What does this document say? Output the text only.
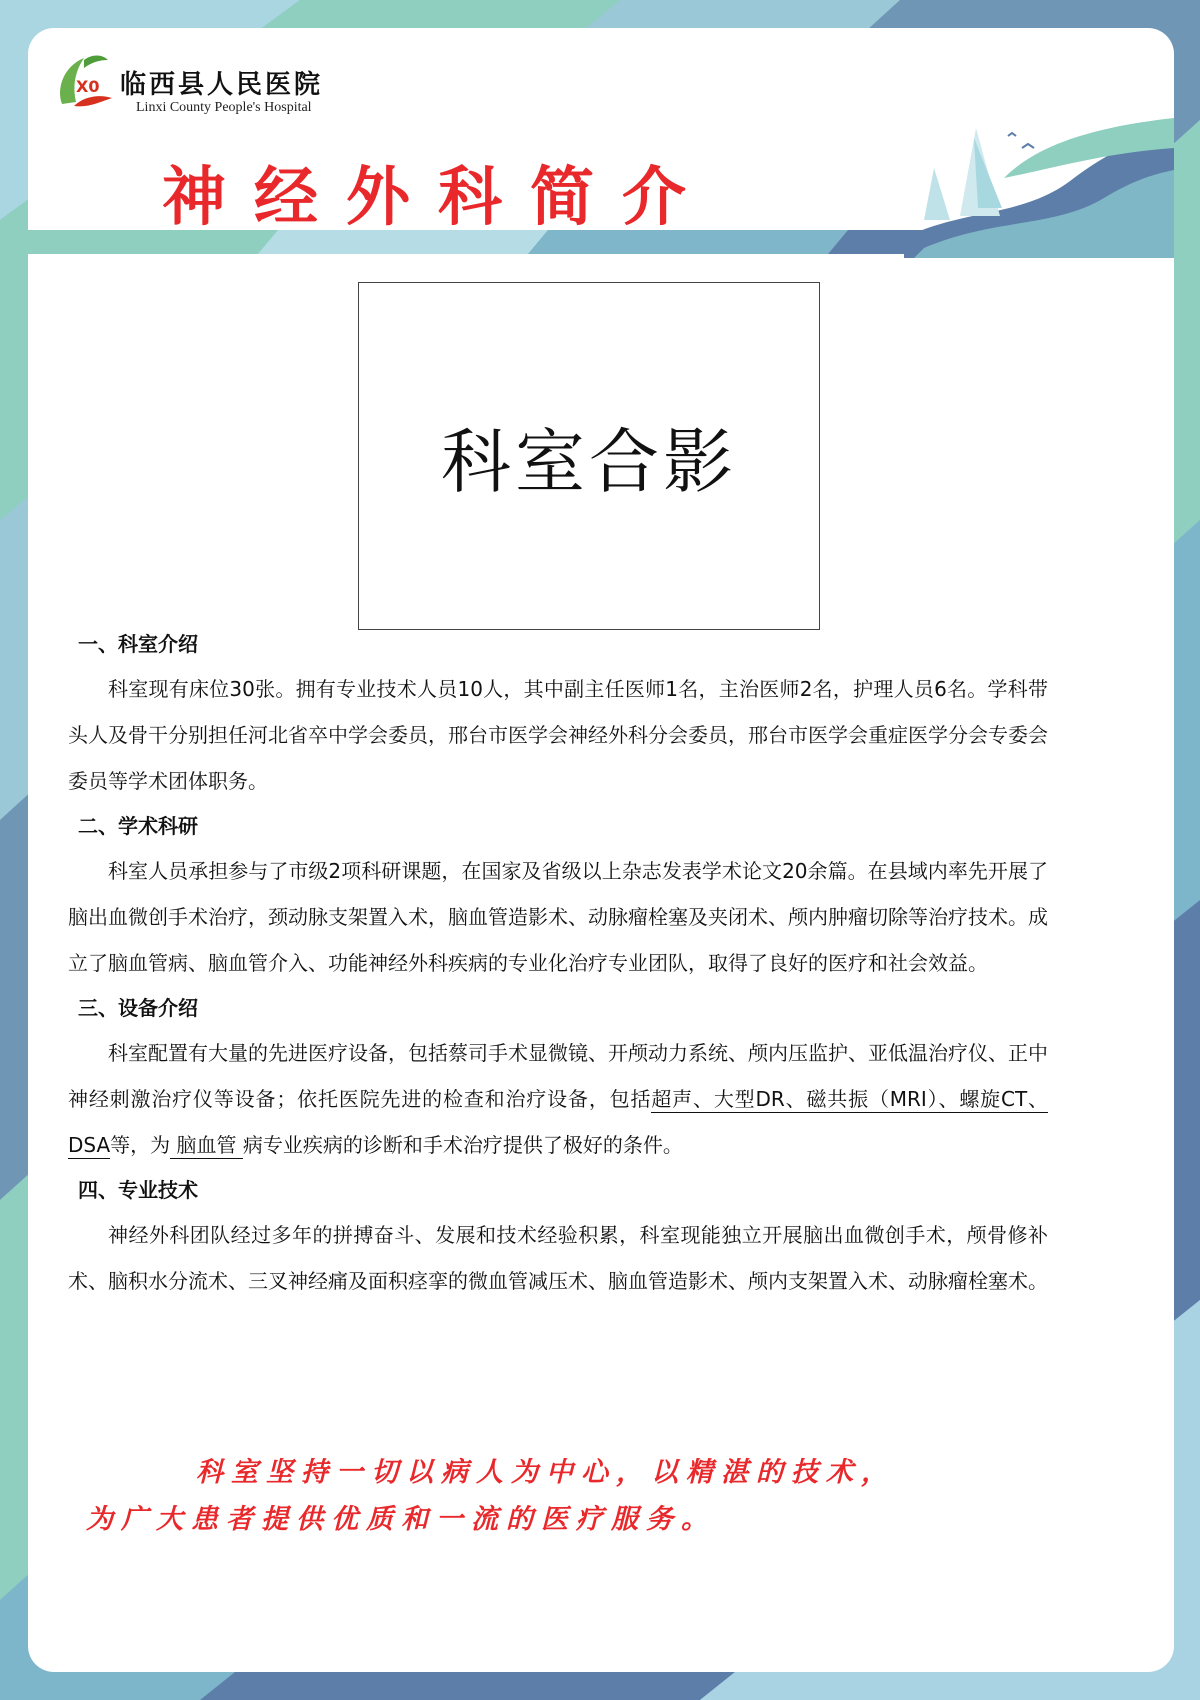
X0 临西县人民医院
Linxi County People's Hospital
神经外科简介
科室合影
一、科室介绍

科室现有床位30张。拥有专业技术人员10人，其中副主任医师1名，主治医师2名，护理人员6名。学科带头人及骨干分别担任河北省卒中学会委员，邢台市医学会神经外科分会委员，邢台市医学会重症医学分会专委会委员等学术团体职务。

二、学术科研

科室人员承担参与了市级2项科研课题，在国家及省级以上杂志发表学术论文20余篇。在县域内率先开展了脑出血微创手术治疗，颈动脉支架置入术，脑血管造影术、动脉瘤栓塞及夹闭术、颅内肿瘤切除等治疗技术。成立了脑血管病、脑血管介入、功能神经外科疾病的专业化治疗专业团队，取得了良好的医疗和社会效益。

三、设备介绍

科室配置有大量的先进医疗设备，包括蔡司手术显微镜、开颅动力系统、颅内压监护、亚低温治疗仪、正中神经刺激治疗仪等设备；依托医院先进的检查和治疗设备，包括超声、大型DR、磁共振（MRI）、螺旋CT、DSA等，为 脑血管 病专业疾病的诊断和手术治疗提供了极好的条件。

四、专业技术

神经外科团队经过多年的拼搏奋斗、发展和技术经验积累，科室现能独立开展脑出血微创手术，颅骨修补术、脑积水分流术、三叉神经痛及面积痉挛的微血管减压术、脑血管造影术、颅内支架置入术、动脉瘤栓塞术。

科室坚持一切以病人为中心，以精湛的技术，
为广大患者提供优质和一流的医疗服务。
